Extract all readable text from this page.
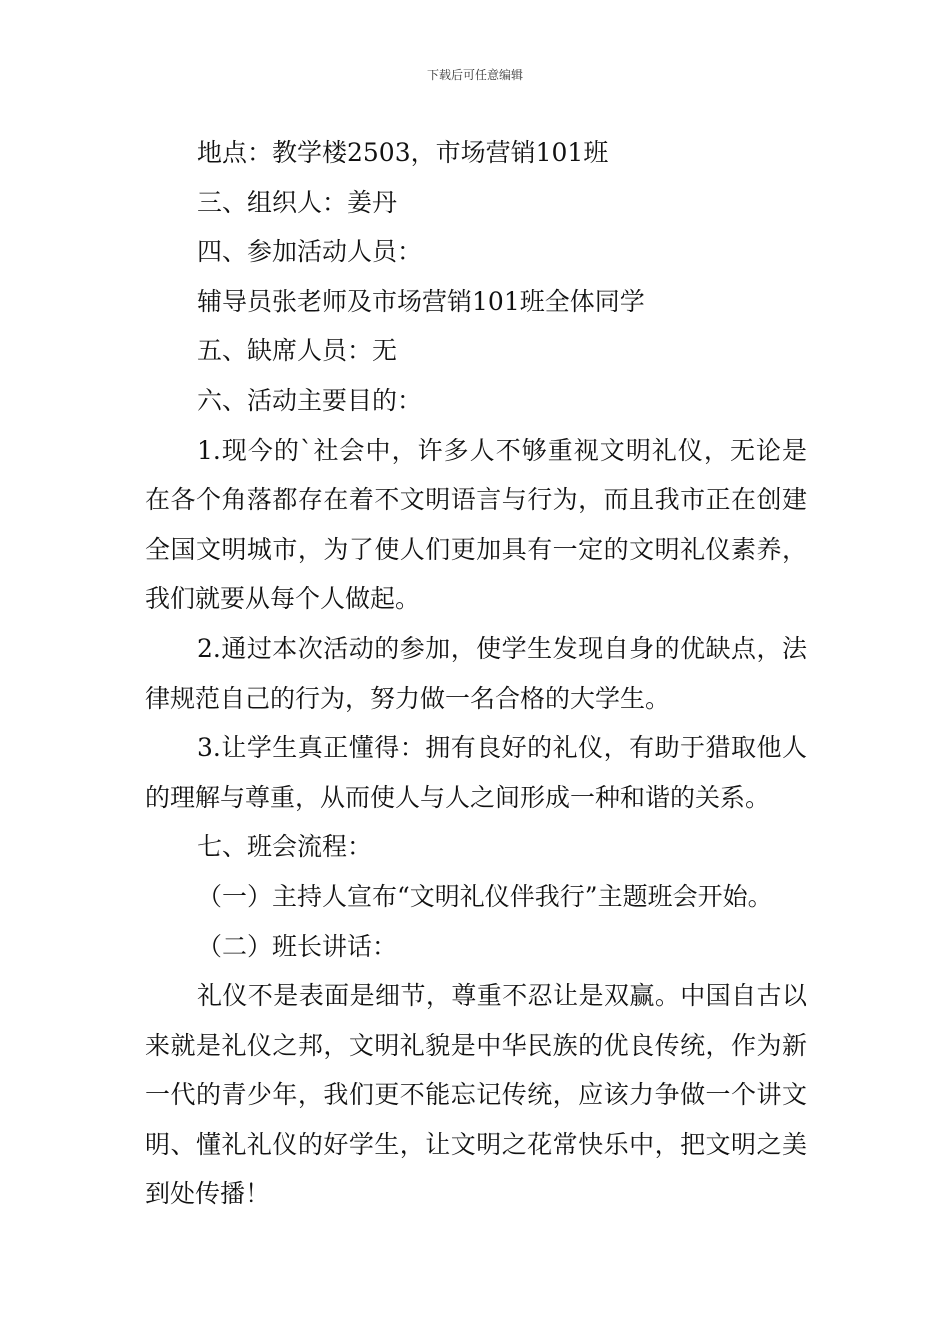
下载后可任意编辑

地点：教学楼2503，市场营销101班

三、组织人：姜丹

四、参加活动人员：

辅导员张老师及市场营销101班全体同学

五、缺席人员：无

六、活动主要目的：

1.现今的`社会中，许多人不够重视文明礼仪，无论是在各个角落都存在着不文明语言与行为，而且我市正在创建全国文明城市，为了使人们更加具有一定的文明礼仪素养，我们就要从每个人做起。

2.通过本次活动的参加，使学生发现自身的优缺点，法律规范自己的行为，努力做一名合格的大学生。

3.让学生真正懂得：拥有良好的礼仪，有助于猎取他人的理解与尊重，从而使人与人之间形成一种和谐的关系。

七、班会流程：

（一）主持人宣布“文明礼仪伴我行”主题班会开始。

（二）班长讲话：

礼仪不是表面是细节，尊重不忍让是双赢。中国自古以来就是礼仪之邦，文明礼貌是中华民族的优良传统，作为新一代的青少年，我们更不能忘记传统，应该力争做一个讲文明、懂礼礼仪的好学生，让文明之花常快乐中，把文明之美到处传播！
